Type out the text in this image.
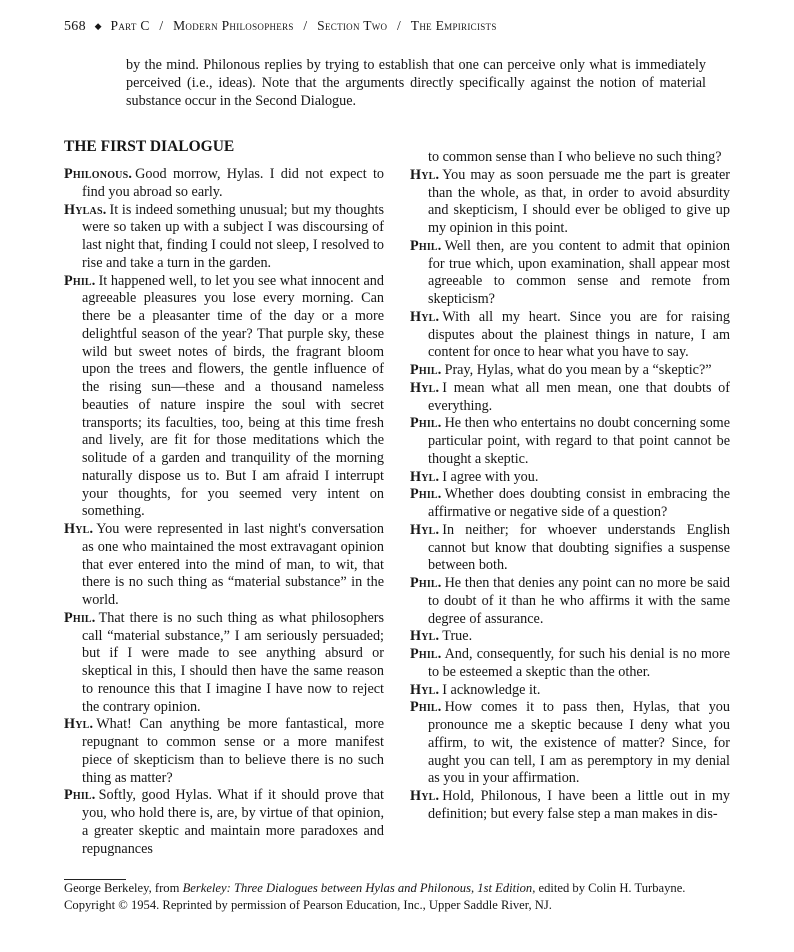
568 ◆ Part C / Modern Philosophers / Section Two / The Empiricists

by the mind. Philonous replies by trying to establish that one can perceive only what is immediately perceived (i.e., ideas). Note that the arguments directly specifically against the notion of material substance occur in the Second Dialogue.

THE FIRST DIALOGUE

Philonous. Good morrow, Hylas. I did not expect to find you abroad so early.

Hylas. It is indeed something unusual; but my thoughts were so taken up with a subject I was discoursing of last night that, finding I could not sleep, I resolved to rise and take a turn in the garden.

Phil. It happened well, to let you see what innocent and agreeable pleasures you lose every morning. Can there be a pleasanter time of the day or a more delightful season of the year? That purple sky, these wild but sweet notes of birds, the fragrant bloom upon the trees and flowers, the gentle influence of the rising sun—these and a thousand nameless beauties of nature inspire the soul with secret transports; its faculties, too, being at this time fresh and lively, are fit for those meditations which the solitude of a garden and tranquility of the morning naturally dispose us to. But I am afraid I interrupt your thoughts, for you seemed very intent on something.

Hyl. You were represented in last night's conversation as one who maintained the most extravagant opinion that ever entered into the mind of man, to wit, that there is no such thing as “material substance” in the world.

Phil. That there is no such thing as what philosophers call “material substance,” I am seriously persuaded; but if I were made to see anything absurd or skeptical in this, I should then have the same reason to renounce this that I imagine I have now to reject the contrary opinion.

Hyl. What! Can anything be more fantastical, more repugnant to common sense or a more manifest piece of skepticism than to believe there is no such thing as matter?

Phil. Softly, good Hylas. What if it should prove that you, who hold there is, are, by virtue of that opinion, a greater skeptic and maintain more paradoxes and repugnances

to common sense than I who believe no such thing?

Hyl. You may as soon persuade me the part is greater than the whole, as that, in order to avoid absurdity and skepticism, I should ever be obliged to give up my opinion in this point.

Phil. Well then, are you content to admit that opinion for true which, upon examination, shall appear most agreeable to common sense and remote from skepticism?

Hyl. With all my heart. Since you are for raising disputes about the plainest things in nature, I am content for once to hear what you have to say.

Phil. Pray, Hylas, what do you mean by a “skeptic?”

Hyl. I mean what all men mean, one that doubts of everything.

Phil. He then who entertains no doubt concerning some particular point, with regard to that point cannot be thought a skeptic.

Hyl. I agree with you.

Phil. Whether does doubting consist in embracing the affirmative or negative side of a question?

Hyl. In neither; for whoever understands English cannot but know that doubting signifies a suspense between both.

Phil. He then that denies any point can no more be said to doubt of it than he who affirms it with the same degree of assurance.

Hyl. True.

Phil. And, consequently, for such his denial is no more to be esteemed a skeptic than the other.

Hyl. I acknowledge it.

Phil. How comes it to pass then, Hylas, that you pronounce me a skeptic because I deny what you affirm, to wit, the existence of matter? Since, for aught you can tell, I am as peremptory in my denial as you in your affirmation.

Hyl. Hold, Philonous, I have been a little out in my definition; but every false step a man makes in dis-

George Berkeley, from Berkeley: Three Dialogues between Hylas and Philonous, 1st Edition, edited by Colin H. Turbayne.

Copyright © 1954. Reprinted by permission of Pearson Education, Inc., Upper Saddle River, NJ.
